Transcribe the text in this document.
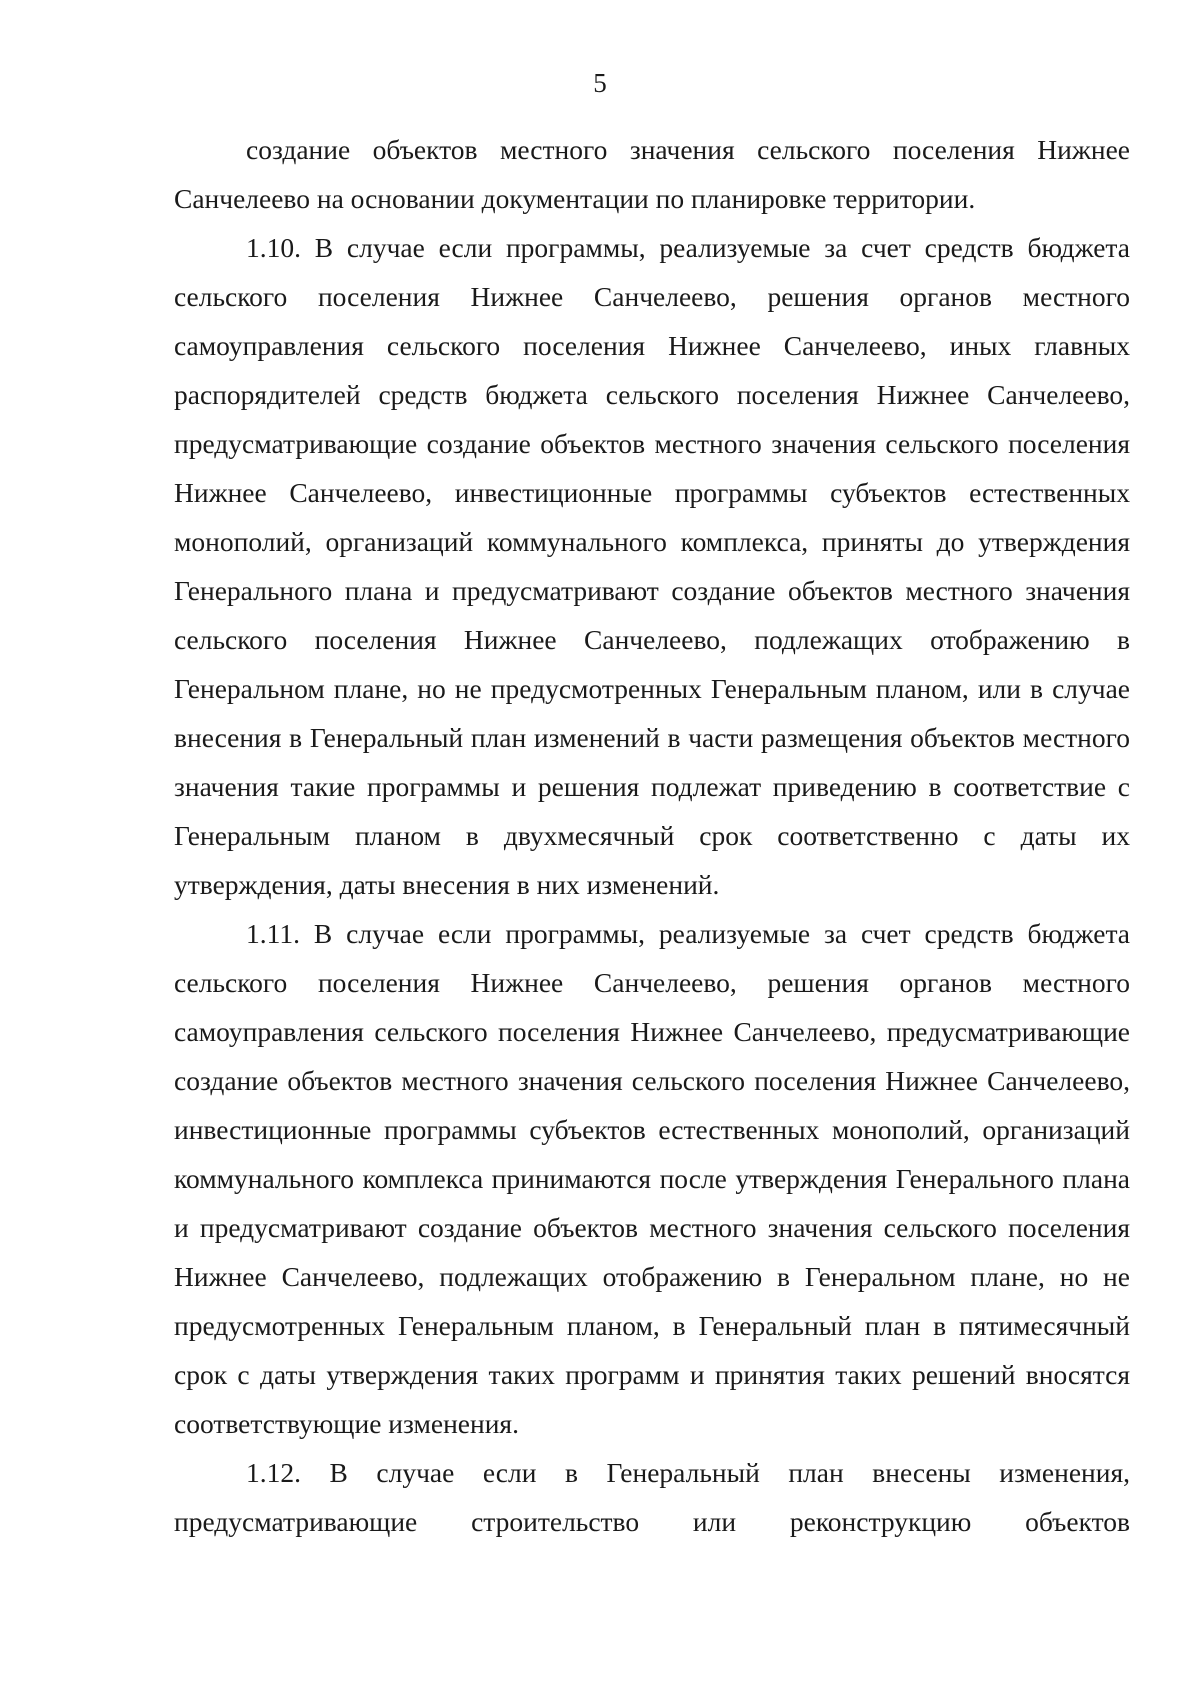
5

создание объектов местного значения сельского поселения Нижнее Санчелеево на основании документации по планировке территории.

1.10. В случае если программы, реализуемые за счет средств бюджета сельского поселения Нижнее Санчелеево, решения органов местного самоуправления сельского поселения Нижнее Санчелеево, иных главных распорядителей средств бюджета сельского поселения Нижнее Санчелеево, предусматривающие создание объектов местного значения сельского поселения Нижнее Санчелеево, инвестиционные программы субъектов естественных монополий, организаций коммунального комплекса, приняты до утверждения Генерального плана и предусматривают создание объектов местного значения сельского поселения Нижнее Санчелеево, подлежащих отображению в Генеральном плане, но не предусмотренных Генеральным планом, или в случае внесения в Генеральный план изменений в части размещения объектов местного значения такие программы и решения подлежат приведению в соответствие с Генеральным планом в двухмесячный срок соответственно с даты их утверждения, даты внесения в них изменений.

1.11. В случае если программы, реализуемые за счет средств бюджета сельского поселения Нижнее Санчелеево, решения органов местного самоуправления сельского поселения Нижнее Санчелеево, предусматривающие создание объектов местного значения сельского поселения Нижнее Санчелеево, инвестиционные программы субъектов естественных монополий, организаций коммунального комплекса принимаются после утверждения Генерального плана и предусматривают создание объектов местного значения сельского поселения Нижнее Санчелеево, подлежащих отображению в Генеральном плане, но не предусмотренных Генеральным планом, в Генеральный план в пятимесячный срок с даты утверждения таких программ и принятия таких решений вносятся соответствующие изменения.

1.12. В случае если в Генеральный план внесены изменения, предусматривающие строительство или реконструкцию объектов
